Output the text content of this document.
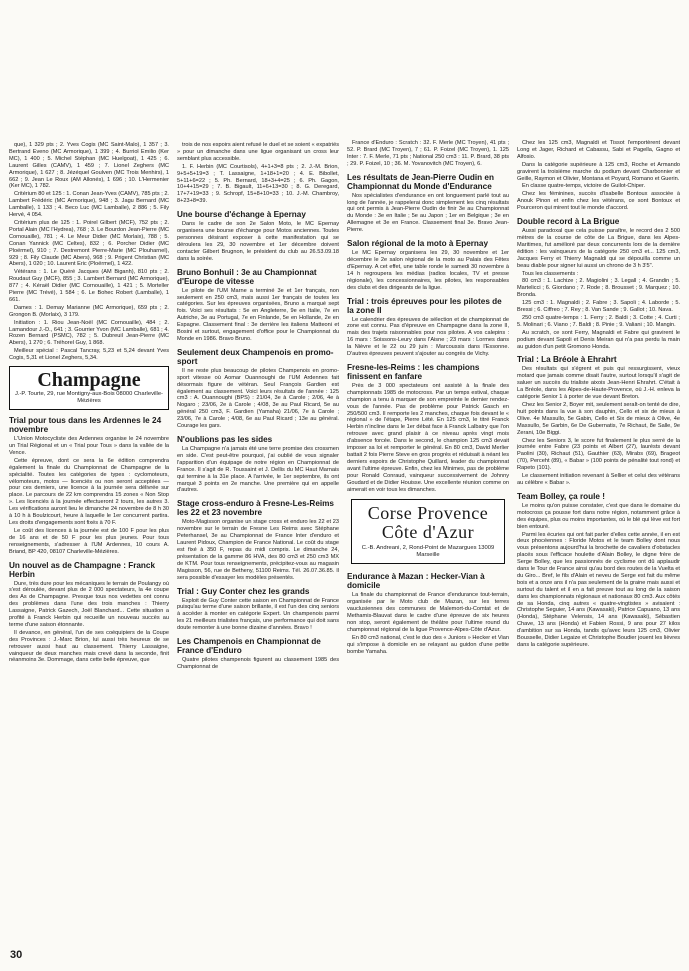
que), 1 329 pts ; 2. Yves Cogis (MC Saint-Malo), 1 357 ; 3. Bertrand Eveno (MC Armorique), 1 399 ; 4. Burriol Emilio (Ker MC), 1 400 ; 5. Michel Stéphan (MC Huelgoat), 1 425 ; 6. Laurent Gilles (CAMV), 1 459 ; 7. Lionel Zeghers (MC Armorique), 1 627 ; 8. Jézéquel Goulven (MC Trois Menhirs), 1 662 ; 9. Jean Le Roux (AM Allonés), 1 696 ; 10. L'Hermenier (Ker MC), 1 782.

Critérium 80 et 125 : 1. Conan Jean-Yves (CAMV), 785 pts ; 2. Lambert Frédéric (MC Armorique), 948 ; 3. Jagu Bernard (MC Lamballe), 1 133 ; 4. Beco Luc (MC Lamballe), 2 886 ; 5. Fily Hervé, 4 054.

Critérium plus de 125 : 1. Poirel Gilbert (MCF), 752 pts ; 2. Portal Alain (MC l'Hydrea), 768 ; 3. Le Bourdon Jean-Pierre (MC Cornouaille), 781 ; 4. Le Meur Didier (MC Morlaix), 788 ; 5. Conan Yannick (MC Celtes), 832 ; 6. Porcher Didier (MC Ploërmel), 910 ; 7. Destremont Pierre-Marie (MC Plouharnel), 929 ; 8. Fily Claude (MC Abers), 968 ; 9. Prigent Christian (MC Abers), 1 020 ; 10. Laurent Eric (Ploërmel), 1 422.

Vétérans : 1. Le Quéré Jacques (AM Biganh), 810 pts ; 2. Roudaut Guy (MCF), 855 ; 3. Lambert Bernard (MC Armorique), 877 ; 4. Kéraël Didier (MC Cornouaille), 1 421 ; 5. Morteller Pierre (MC Trévé), 1 584 ; 6. Le Bohec Robert (Lamballe), 1 661.

Dames : 1. Demay Marianne (MC Armorique), 659 pts ; 2. Grongon B. (Morlaix), 3 179.

Initiation : 1. Riou Jean-Noël (MC Cornouaille), 484 ; 2. Lamandour J.-D., 641 ; 3. Gourrier Yvon (MC Lamballe), 681 ; 4. Rozen Bernard (PSMC), 782 ; 5. Dubreuil Jean-Pierre (MC Abers), 1 270 ; 6. Tréhorel Guy, 1 868.

Meilleur spécial : Pascal Tancray, 5,23 et 5,24 devant Yves Cogis, 5,31 et Lionel Zeghers, 5,34.

Champagne
J.-P. Tourte, 29, rue Montigny-aux-Bois 08000 Charleville-Mézières
Trial pour tous dans les Ardennes le 24 novembre

L'Union Motocycliste des Ardennes organise le 24 novembre un Trial Régional et un « Trial pour Tous » dans la vallée de la Vence.

Cette épreuve, dont ce sera la 6e édition comprendra également la finale du Championnat de Champagne de la spécialité. Toutes les catégories de types : cyclomoteurs, vélomoteurs, motos — licenciés ou non seront acceptées — pour ces derniers, une licence à la journée sera délivrée sur place. Le parcours de 22 km comprendra 15 zones « Non Stop ». Les licenciés à la journée effectueront 2 tours, les autres 3. Les vérifications auront lieu le dimanche 24 novembre de 8 h 30 à 10 h à Boulzicourt, heure à laquelle le 1er concurrent partira. Les droits d'engagements sont fixés à 70 F.

Le coût des licences à la journée est de 100 F pour les plus de 16 ans et de 50 F pour les plus jeunes. Pour tous renseignements, s'adresser à l'UM Ardennes, 10 cours A. Briand, BP 420, 08107 Charleville-Mézières.

Un nouvel as de Champagne : Franck Herbin

Dure, très dure pour les mécaniques le terrain de Poulangy où s'est déroulée, devant plus de 2 000 spectateurs, la 4e coupe des As de Champagne. Presque tous nos vedettes ont connu des problèmes dans l'une des trois manches : Thierry Lassaigne, Patrick Gazech, Joël Blanchard... Cette situation a profité à Franck Herbin qui recueille un nouveau succès au terme d'une saison étonnante.

Il devance, en général, l'un de ses coéquipiers de la Coupe des Provinces : J.-Marc Brion, lui aussi très heureux de se retrouver aussi haut au classement. Thierry Lassaigne, vainqueur de deux manches mais crevé dans la seconde, finit néanmoins 3e. Dommage, dans cette belle épreuve, que

trois de nos espoirs aient refusé le duel et se soient « expatriés » pour un dimanche dans une ligue organisant un cross leur semblant plus accessible.

1. F. Herbin (MC Courtisols), 4+1+3=8 pts ; 2. J.-M. Brion, 9+5+5+19=3 ; T. Lassaigne, 1+18+1=20 ; 4. E. Bibollet, 5+11+6=22 ; 5. Ph. Bernard, 18+3+4=25 ; 6. Ph. Gagon, 10+4+15=29 ; 7. B. Bigault, 11+6+13=30 ; 8. G. Deregard, 17+7+19=33 ; 9. Schropf, 15+8+10=33 ; 10. J.-M. Chambroy, 8+23+8=39.

Une bourse d'échange à Epernay

Dans le cadre de son 2e Salon Moto, le MC Epernay organisera une bourse d'échange pour Motos anciennes. Toutes personnes désirant exposer à cette manifestation qui se déroulera les 29, 30 novembre et 1er décembre doivent contacter Gilbert Brugnon, le président du club au 26.53.09.18 dans la soirée.

Bruno Bonhuil : 3e au Championnat d'Europe de vitesse

Le pilote de l'UM Marne a terminé 3e et 1er français, non seulement en 250 cm3, mais aussi 1er français de toutes les catégories. Sur les épreuves organisées, Bruno a marqué sept fois. Voici ses résultats : 5e en Angleterre, 9e en Italie, 7e en Autriche, 3e au Portugal, 7e en Finlande, 5e en Hollande, 2e en Espagne. Classement final : 3e derrière les italiens Matteoni et Bosini et surtout, engagement d'office pour le Championnat du Monde en 1986. Bravo Bruno.

Seulement deux Champenois en promo-sport

Il ne reste plus beaucoup de pilotes Champenois en promo-sport vitesse où Aomar Ouannoughi de l'UM Ardennes fait désormais figure de vétéran. Seul François Gardien est également au classement. Voici leurs résultats de l'année : 125 cm3 : A. Ouannoughi (BPS) : 21/04, 3e à Carole ; 2/06, 4e à Nogaro ; 23/06, 2e à Carole ; 4/08, 3e au Paul Ricard, 5e au général 250 cm3, F. Gardien (Yamaha) 21/06, 7e à Carole ; 23/06, 7e à Carole ; 4/08, 6e au Paul Ricard ; 13e au général. Courage les gars.

N'oublions pas les sides

La Champagne n'a jamais été une terre promise des crossmen en side. C'est peut-être pourquoi, j'ai oublié de vous signaler l'apparition d'un équipage de notre région en Championnat de France. Il s'agit de R. Toussaint et J. Dellis du MC Haut Marnais qui termine à la 31e place. A l'arrivée, le 1er septembre, ils ont marqué 3 points en 2e manche. Une première qui en appelle d'autres.

Stage cross-enduro à Fresne-Les-Reims les 22 et 23 novembre

Moto-Magisson organise un stage cross et enduro les 22 et 23 novembre sur le terrain de Fresne Les Reims avec Stéphane Peterhansel, 3e au Championnat de France Inter d'enduro et Laurent Pidoux, Champion de France National. Le coût du stage est fixé à 350 F, repas du midi compris. Le dimanche 24, présentation de la gamme 86 HVA, des 80 cm3 et 250 cm3 MX de KTM. Pour tous renseignements, précipitez-vous au magasin Magisson, 56, rue de Betheny, 51100 Reims. Tél. 26.07.36.85. Il sera possible d'essayer les modèles présentés.

Trial : Guy Conter chez les grands

Exploit de Guy Conter cette saison en Championnat de France puisqu'au terme d'une saison brillante, il est l'un des cinq seniors à accéder à monter en catégorie Expert. Un champenois parmi les 21 meilleurs trialistes français, une performance qui doit sans doute remonter à une bonne dizaine d'années. Bravo !

Les Champenois en Championnat de France d'Enduro

Quatre pilotes champenois figurent au classement 1985 des Championnat de

France d'Enduro : Scratch : 32. F. Merle (MC Troyen), 41 pts ; 52. P. Brard (MC Troyen), 7 ; 61. P. Foizel (MC Troyen), 1. 125 Inter : 7. F. Merle, 71 pts ; National 250 cm3 : 11. P. Brard, 38 pts ; 29. P. Foizel, 10 ; 36. M. Yovanovitch (MC Troyen), 6.

Les résultats de Jean-Pierre Oudin en Championnat du Monde d'Endurance

Nos spécialistes d'endurance en ont longuement parlé tout au long de l'année, je rappelerai donc simplement les cinq résultats qui ont permis à Jean-Pierre Oudin de finir 3e au Championnat du Monde : 3e en Italie ; 5e au Japon ; 1er en Belgique ; 3e en Allemagne et 3e en France. Classement final 3e. Bravo Jean-Pierre.

Salon régional de la moto à Epernay

Le MC Epernay organisera les 29, 30 novembre et 1er décembre le 2e salon régional de la moto au Palais des Fêtes d'Epernay. A cet effet, une table ronde le samedi 30 novembre à 14 h regroupera les médias (radios locales, TV et presse régionale), les concessionnaires, les pilotes, les responsables des clubs et des dirigeants de la ligue.

Trial : trois épreuves pour les pilotes de la zone II

Le calendrier des épreuves de sélection et de championnat de zone est connu. Pas d'épreuve en Champagne dans la zone II, mais des trajets raisonnables pour nos pilotes. A vos calepins : 16 mars : Soissons-Leury dans l'Aisne ; 23 mars : Lormes dans la Nièvre et le 22 ou 29 juin : Marcoussis dans l'Essonne. D'autres épreuves peuvent s'ajouter au congrès de Vichy.

Fresne-les-Reims : les champions finissent en fanfare

Près de 3 000 spectateurs ont assisté à la finale des championnats 1985 de motocross. Par un temps estival, chaque champion a tenu à marquer de son empreinte le dernier rendez-vous de l'année. Pas de problème pour Patrick Gasch en 250/500 cm3. Il remporte les 2 manches, chaque fois devant le « régional » de l'étape, Pierre Lété. En 125 cm3, le titré Franck Herbin n'incline dans le 1er débat face à Franck Lalbatry que l'on retrouve avec grand plaisir à ce niveau après vingt mois d'absence forcée. Dans le second, le champion 125 cm3 devait imposer sa loi et remporter le général. En 80 cm3, David Merlier battait 2 fois Pierre Steve en gros progrès et réduisait à néant les derniers espoirs de Christophe Quillard, leader du championnat avant l'ultime épreuve. Enfin, chez les Minimes, pas de problème pour Ronald Conraud, vainqueur successivement de Johnny Goudard et de Didier Houisse. Une excellente réunion comme on aimerait en voir tous les dimanches.

Corse Provence Côte d'Azur
C.-B. Andreani, 2, Rond-Point de Mazargues 13009 Marseille
Endurance à Mazan : Hecker-Vian à domicile

La finale du championnat de France d'endurance tout-terrain, organisée par le Moto club de Mazan, sur les terres vauclusiennes des communes de Malemort-du-Comtat et de Methamis-Blauvat dans le cadre d'une épreuve de six heures non stop, seront également de théâtre pour l'ultime round du championnat régional de la ligue Provence-Alpes-Côte d'Azur.

En 80 cm3 national, c'est le duo des « Juniors » Hecker et Vian qui s'impose à domicile en se relayant au guidon d'une petite bombe Yamaha.

Chez les 125 cm3, Magnaldi et Tissot l'emportèrent devant Long et Jager, Richard et Cabassu, Sabi et Pagella, Gagno et Alfosio.

Dans la catégorie supérieure à 125 cm3, Roche et Armando gravirent la troisième marche du podium devant Charbonnier et Geille, Raymon et Olivier, Montana et Poyard, Romano et Guerin.

En classe quatre-temps, victoire de Guilot-Chiper.

Chez les féminines, succès d'Isabelle Bontoux associée à Anouk Pinon et enfin chez les vétérans, ce sont Bontoux et Pourceron qui mirent tout le monde d'accord.

Double record à La Brigue

Aussi paradoxal que cela puisse paraître, le record des 2 500 mètres de la course de côte de La Brigue, dans les Alpes-Maritimes, fut amélioré par deux concurrents lors de la dernière édition : les vainqueurs de la catégorie 250 cm3 et... 125 cm3, Jacques Ferry et Thierry Magnaldi qui se dépouilla comme un beau diable pour signer lui aussi un chrono de 3 h 3'5".

Tous les classements :

80 cm3 : 1. Lachize ; 2. Magiolini ; 3. Legall ; 4. Grandin ; 5. Martelicci ; 6. Giordano ; 7. Rode ; 8. Brousset ; 9. Marquez ; 10. Bronda.

125 cm3 : 1. Magnaldi ; 2. Fabre ; 3. Sapoli ; 4. Laborde ; 5. Bressi ; 6. Ciffreo ; 7. Rey ; 8. Van Sande ; 9. Gallot ; 10. Nava.

250 cm3 quatre-temps : 1. Ferry ; 2. Baldi ; 3. Cotte ; 4. Curti ; 5. Molinari ; 6. Viano ; 7. Baldi ; 8. Pinie ; 9. Valiani ; 10. Mangin.

Au scratch, ce sont Ferry, Magnaldi et Fabre qui gravirent le podium devant Sapoli et Denis Meiran qui n'a pas perdu la main au guidon d'un petit Gromono Honda.

Trial : La Bréole à Ehrahrt

Des résultats qui s'égrent et puis qui ressurgissent, vieux motard que jamais comme disait l'autre, surtout lorsqu'il s'agit de saluer un succès du trialiste aixois Jean-Henri Ehrahrt. C'était à La Bréole, dans les Alpes-de-Haute-Provence, où J.-H. enleva la catégorie Senior 1 à porter de vue devant Breton.

Chez les Senior 2, Boyer mit, seulement seraIt-on tenté de dire, huit points dans la vue à son dauphin, Cello et six de mieux à Olive. 4e Massullo, 5e Gabin, Cello et Six de mieux à Olive, 4e Massullo, 5e Garbin, 6e De Gubernatis, 7e Richaut, 8e Salle, 9e Zerani, 10e Biggi.

Chez les Seniors 3, le score fut finalement le plus serré de la journée entre Fabre (23 points et Albert (27), laurésts devant Paolini (30), Richaut (51), Gauthier (63), Mirabs (69), Brageot (70), Perceht (89), « Babar » (100 points de pénalité tout rond) et Rapeto (101).

Le classement initiation revenant à Sellier et celui des vétérans au célèbre « Babar ».

Team Bolley, ça roule !

Le moins qu'on puisse constater, c'est que dans le domaine du motocross ça pousse fort dans notre région, notamment grâce à des équipes, plus ou moins importantes, où le blé qui lève est fort bien entouré.

Parmi les écuries qui ont fait parler d'elles cette année, il en est deux phocéennes : Floride Motos et le team Bolley dont nous vous présentons aujourd'hui la brochette de cavaliers d'obstacles placés sous l'efficace houlette d'Alain Bolley, le digne frère de Serge Bolley, que les passionnés de cyclisme ont dû applaudir dans le Tour de France ainsi qu'au bord des routes de la Vuelta et du Giro... Bref, le fils d'Alain et neveu de Serge est fait du même bois et a onze ans il n'a pas seulement de la graine mais aussi et surtout du talent et il en a fait preuve tout au long de la saison dans les championnats régionaux et nationaux 80 cm3. Aux côtés de sa Honda, cinq autres « quatre-vingtistes » avisaient : Christophe Seguier, 14 ans (Kawasaki), Patrice Capuano, 13 ans (Honda), Stéphane Velensis, 14 ans (Kawasaki), Sébastien Chave, 13 ans (Honda) et Fabien Rossi, 9 ans pour 27 kilos d'ambition sur sa Honda, tandis qu'avec leurs 125 cm3, Olivier Bousselle, Didier Legaize et Christophe Boudier jouent les lièvres dans la catégorie supérieure.

30
